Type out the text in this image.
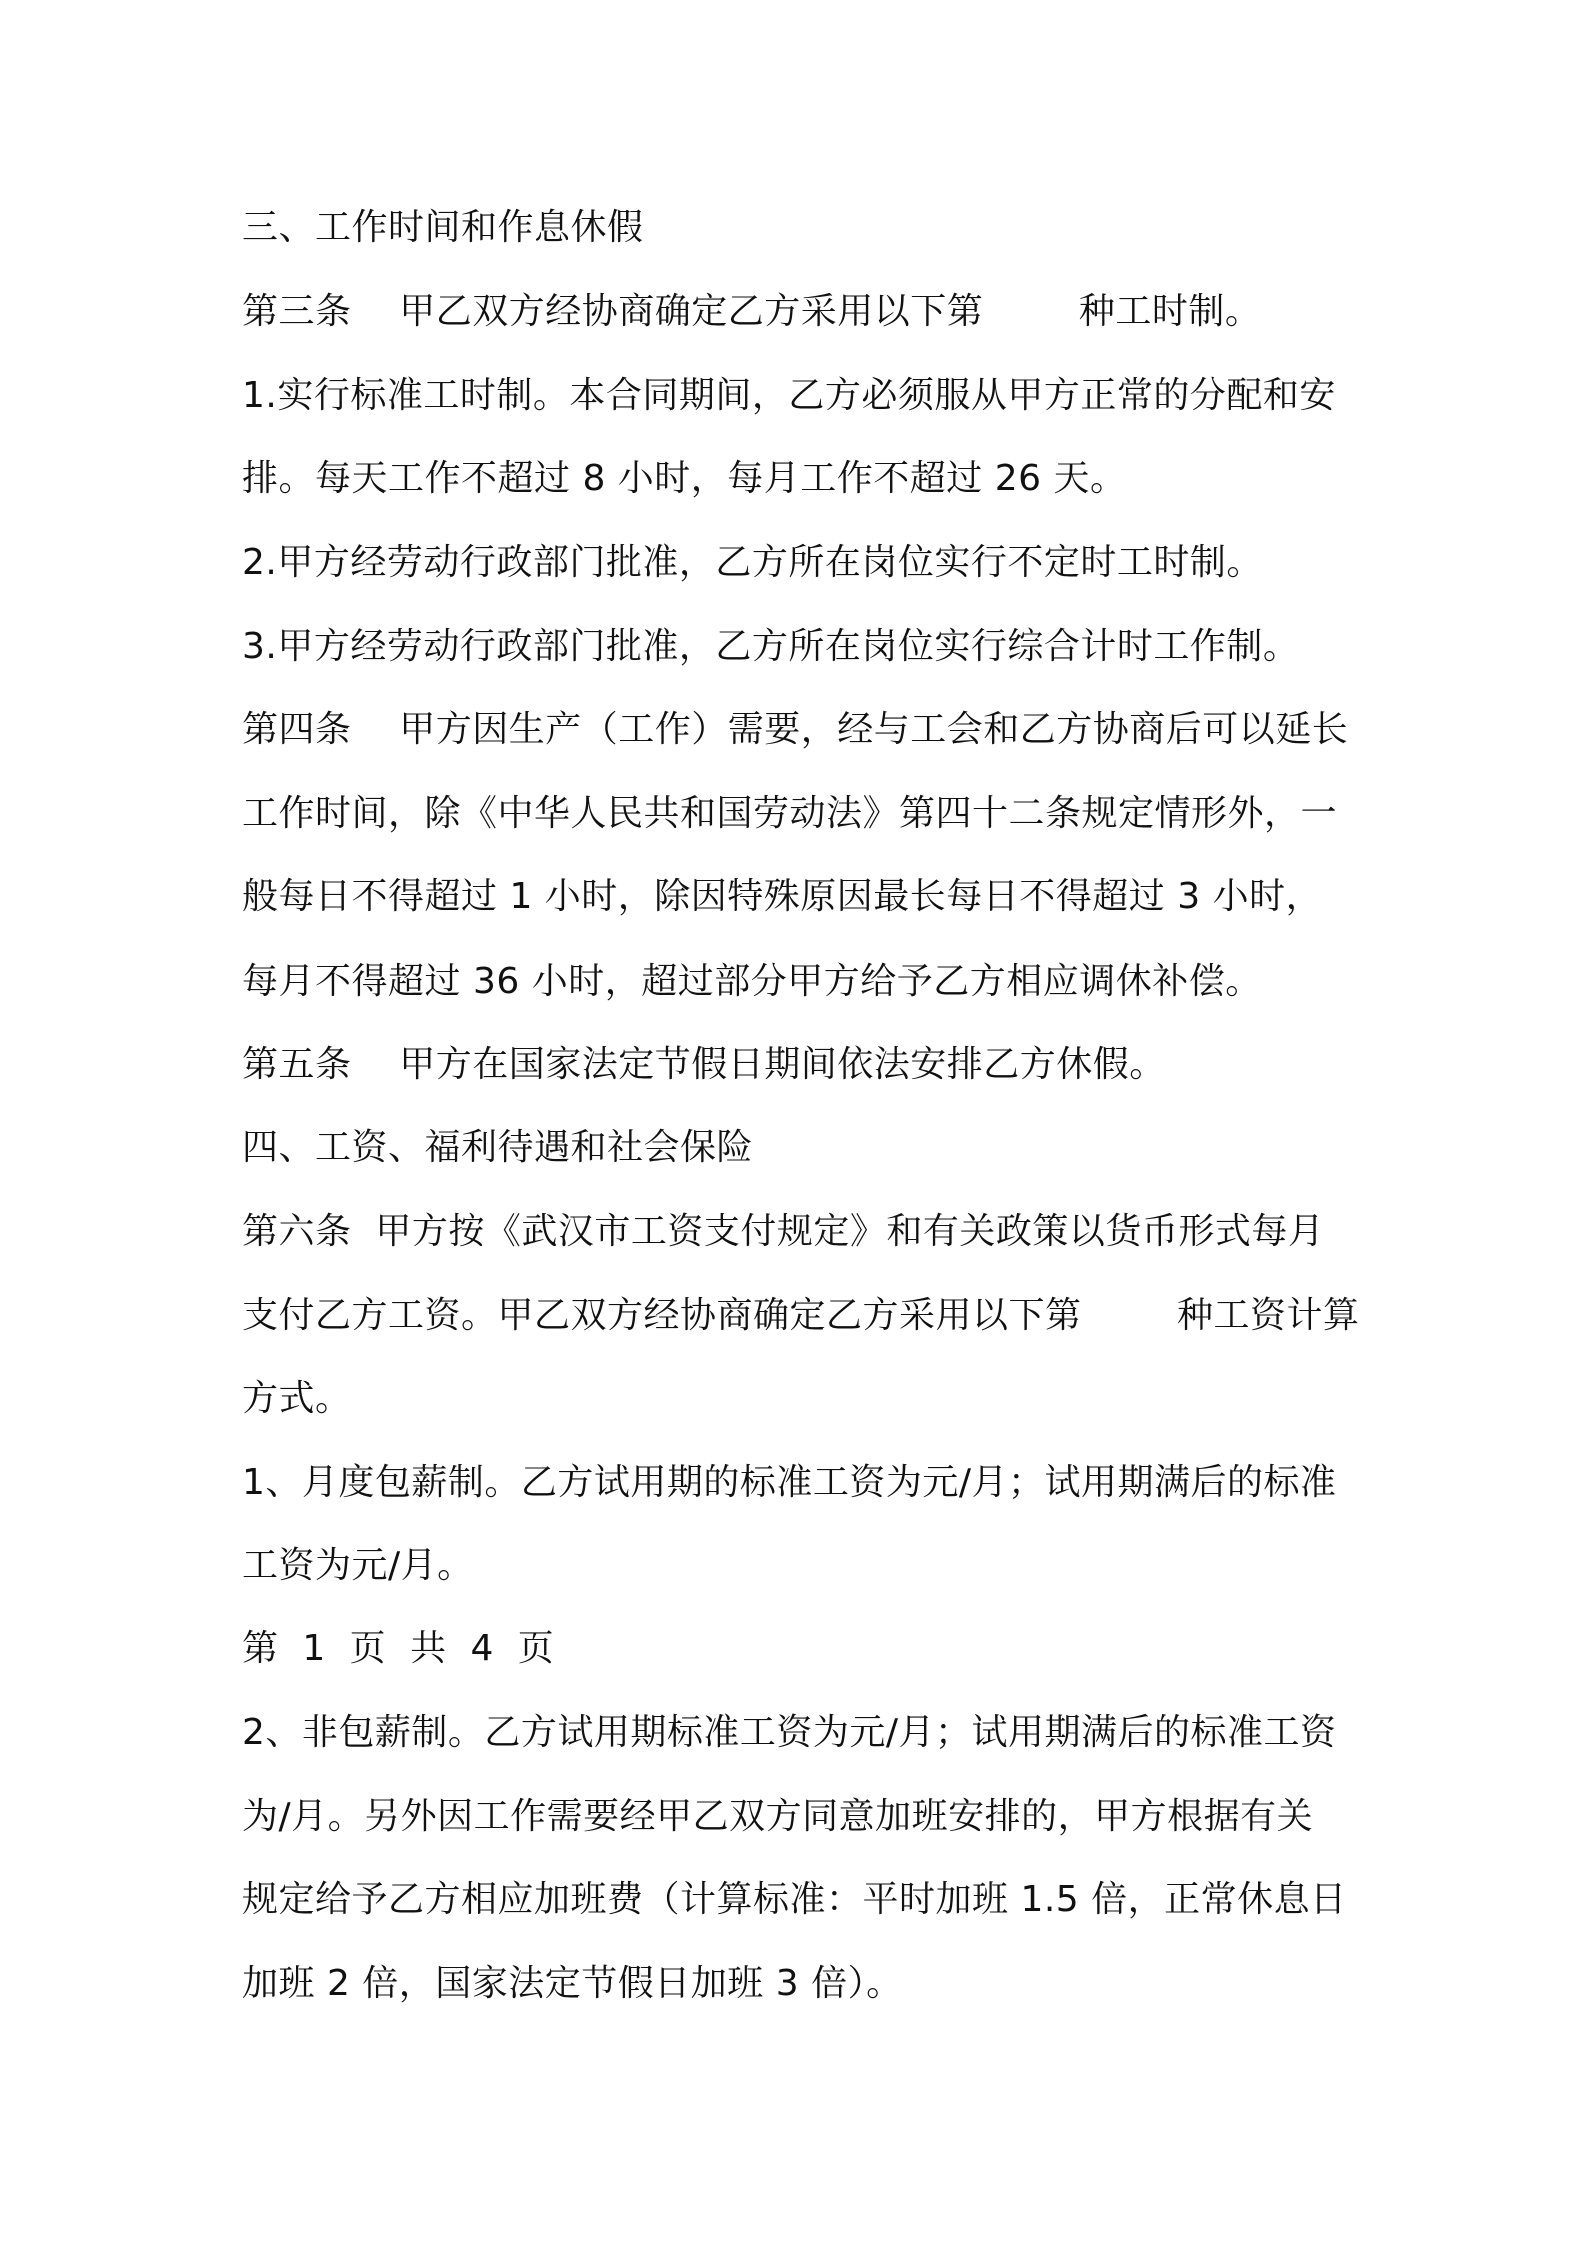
三、工作时间和作息休假

第三条    甲乙双方经协商确定乙方采用以下第        种工时制。

1.实行标准工时制。本合同期间，乙方必须服从甲方正常的分配和安

排。每天工作不超过 8 小时，每月工作不超过 26 天。

2.甲方经劳动行政部门批准，乙方所在岗位实行不定时工时制。

3.甲方经劳动行政部门批准，乙方所在岗位实行综合计时工作制。

第四条    甲方因生产（工作）需要，经与工会和乙方协商后可以延长

工作时间，除《中华人民共和国劳动法》第四十二条规定情形外，一

般每日不得超过 1 小时，除因特殊原因最长每日不得超过 3 小时，

每月不得超过 36 小时，超过部分甲方给予乙方相应调休补偿。

第五条    甲方在国家法定节假日期间依法安排乙方休假。

四、工资、福利待遇和社会保险

第六条  甲方按《武汉市工资支付规定》和有关政策以货币形式每月

支付乙方工资。甲乙双方经协商确定乙方采用以下第        种工资计算

方式。

1、月度包薪制。乙方试用期的标准工资为元/月；试用期满后的标准

工资为元/月。

第  1  页  共  4  页

2、非包薪制。乙方试用期标准工资为元/月；试用期满后的标准工资

为/月。另外因工作需要经甲乙双方同意加班安排的，甲方根据有关

规定给予乙方相应加班费（计算标准：平时加班 1.5 倍，正常休息日

加班 2 倍，国家法定节假日加班 3 倍）。
